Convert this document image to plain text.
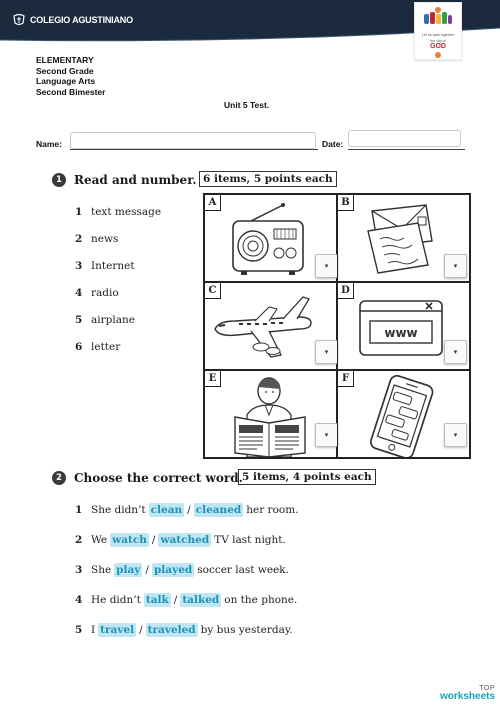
COLEGIO AGUSTINIANO
Let us walk together
the city of
GOD
ELEMENTARY
Second Grade
Language Arts
Second Bimester
Unit 5 Test.
Name:	Date:
1	Read and number. 6 items, 5 points each
1 text message
2 news
3 Internet
4 radio
5 airplane
6 letter
A
▾
B
▾
C
▾
D
www
▾
E
▾
F
▾
2	Choose the correct word. 5 items, 4 points each
1 She didn’t clean / cleaned her room.
2 We watch / watched TV last night.
3 She play / played soccer last week.
4 He didn’t talk / talked on the phone.
5 I travel / traveled by bus yesterday.
TOP
worksheets
